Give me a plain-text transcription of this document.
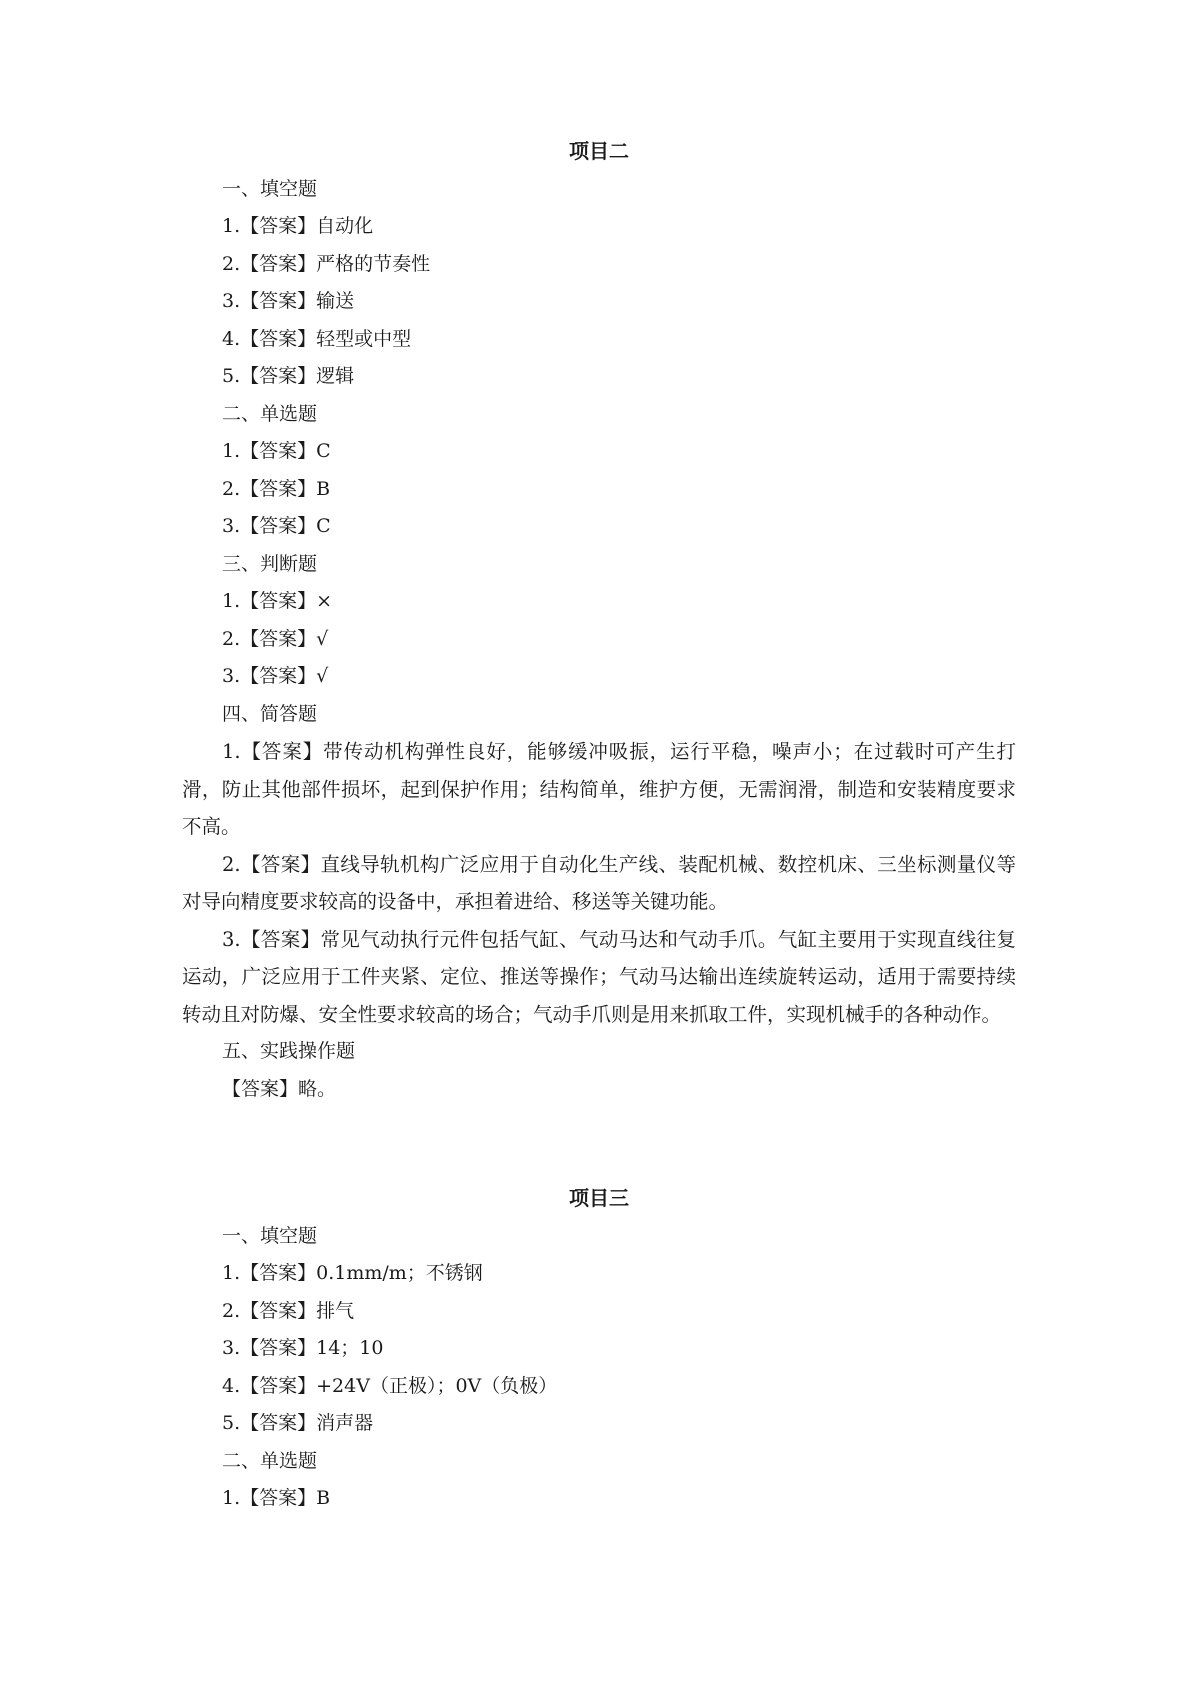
项目二
一、填空题
1.【答案】自动化
2.【答案】严格的节奏性
3.【答案】输送
4.【答案】轻型或中型
5.【答案】逻辑
二、单选题
1.【答案】C
2.【答案】B
3.【答案】C
三、判断题
1.【答案】×
2.【答案】√
3.【答案】√
四、简答题

1.【答案】带传动机构弹性良好，能够缓冲吸振，运行平稳，噪声小；在过载时可产生打滑，防止其他部件损坏，起到保护作用；结构简单，维护方便，无需润滑，制造和安装精度要求不高。

2.【答案】直线导轨机构广泛应用于自动化生产线、装配机械、数控机床、三坐标测量仪等对导向精度要求较高的设备中，承担着进给、移送等关键功能。

3.【答案】常见气动执行元件包括气缸、气动马达和气动手爪。气缸主要用于实现直线往复运动，广泛应用于工件夹紧、定位、推送等操作；气动马达输出连续旋转运动，适用于需要持续转动且对防爆、安全性要求较高的场合；气动手爪则是用来抓取工件，实现机械手的各种动作。

五、实践操作题
【答案】略。
项目三
一、填空题
1.【答案】0.1mm/m；不锈钢
2.【答案】排气
3.【答案】14；10
4.【答案】+24V（正极）；0V（负极）
5.【答案】消声器
二、单选题
1.【答案】B
